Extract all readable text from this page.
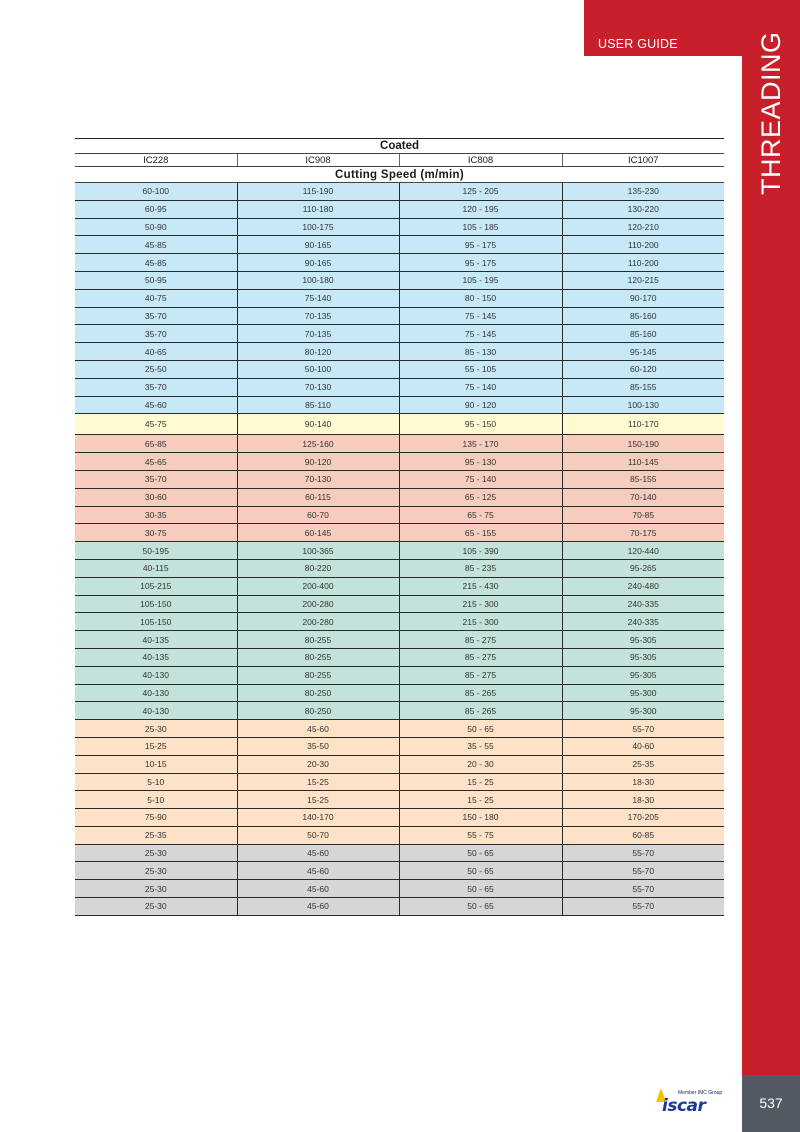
USER GUIDE	THREADING
Coated			
IC228	IC908	IC808	IC1007
Cutting Speed (m/min)			
60-100	115-190	125 - 205	135-230
60-95	110-180	120 - 195	130-220
50-90	100-175	105 - 185	120-210
45-85	90-165	95 - 175	110-200
45-85	90-165	95 - 175	110-200
50-95	100-180	105 - 195	120-215
40-75	75-140	80 - 150	90-170
35-70	70-135	75 - 145	85-160
35-70	70-135	75 - 145	85-160
40-65	80-120	85 - 130	95-145
25-50	50-100	55 - 105	60-120
35-70	70-130	75 - 140	85-155
45-60	85-110	90 - 120	100-130
45-75	90-140	95 - 150	110-170
65-85	125-160	135 - 170	150-190
45-65	90-120	95 - 130	110-145
35-70	70-130	75 - 140	85-155
30-60	60-115	65 - 125	70-140
30-35	60-70	65 - 75	70-85
30-75	60-145	65 - 155	70-175
50-195	100-365	105 - 390	120-440
40-115	80-220	85 - 235	95-265
105-215	200-400	215 - 430	240-480
105-150	200-280	215 - 300	240-335
105-150	200-280	215 - 300	240-335
40-135	80-255	85 - 275	95-305
40-135	80-255	85 - 275	95-305
40-130	80-255	85 - 275	95-305
40-130	80-250	85 - 265	95-300
40-130	80-250	85 - 265	95-300
25-30	45-60	50 - 65	55-70
15-25	35-50	35 - 55	40-60
10-15	20-30	20 - 30	25-35
5-10	15-25	15 - 25	18-30
5-10	15-25	15 - 25	18-30
75-90	140-170	150 - 180	170-205
25-35	50-70	55 - 75	60-85
25-30	45-60	50 - 65	55-70
25-30	45-60	50 - 65	55-70
25-30	45-60	50 - 65	55-70
25-30	45-60	50 - 65	55-70
Member IMC Group
iscar	537
